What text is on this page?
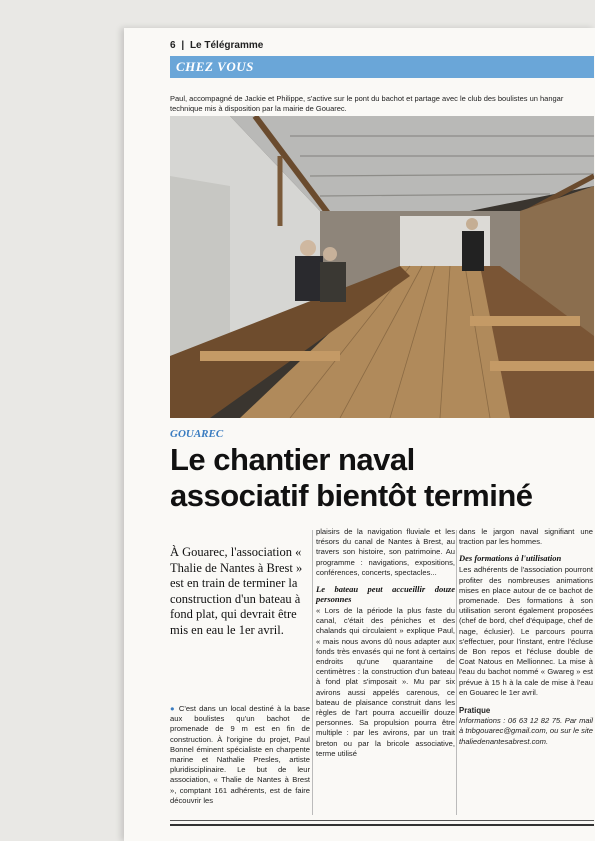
6 | Le Télégramme
CHEZ VOUS
Paul, accompagné de Jackie et Philippe, s'active sur le pont du bachot et partage avec le club des boulistes un hangar technique mis à disposition par la mairie de Gouarec.
GOUAREC
Le chantier naval
associatif bientôt terminé
À Gouarec, l'association « Thalie de Nantes à Brest » est en train de terminer la construction d'un bateau à fond plat, qui devrait être mis en eau le 1er avril.

● C'est dans un local destiné à la base aux boulistes qu'un bachot de promenade de 9 m est en fin de construction. À l'origine du projet, Paul Bonnel éminent spécialiste en charpente marine et Nathalie Presles, artiste pluridisciplinaire. Le but de leur association, « Thalie de Nantes à Brest », comptant 161 adhérents, est de faire découvrir les

plaisirs de la navigation fluviale et les trésors du canal de Nantes à Brest, au travers son histoire, son patrimoine. Au programme : navigations, expositions, conférences, concerts, spectacles...

Le bateau peut accueillir douze personnes

« Lors de la période la plus faste du canal, c'était des péniches et des chalands qui circulaient » explique Paul, « mais nous avons dû nous adapter aux fonds très envasés qui ne font à certains endroits qu'une quarantaine de centimètres : la construction d'un bateau à fond plat s'imposait ». Mu par six avirons aussi appelés carenous, ce bateau de plaisance construit dans les règles de l'art pourra accueillir douze personnes. Sa propulsion pourra être multiple : par les avirons, par un trait breton ou par la bricole associative, terme utilisé

dans le jargon naval signifiant une traction par les hommes.

Des formations à l'utilisation

Les adhérents de l'association pourront profiter des nombreuses animations mises en place autour de ce bachot de promenade. Des formations à son utilisation seront également proposées (chef de bord, chef d'équipage, chef de nage, éclusier). Le parcours pourra s'effectuer, pour l'instant, entre l'écluse de Bon repos et l'écluse double de Coat Natous en Mellionnec. La mise à l'eau du bachot nommé « Gwareg » est prévue à 15 h à la cale de mise à l'eau en Gouarec le 1er avril.

Pratique

Informations : 06 63 12 82 75. Par mail à tnbgouarec@gmail.com, ou sur le site thaliedenantesabrest.com.
